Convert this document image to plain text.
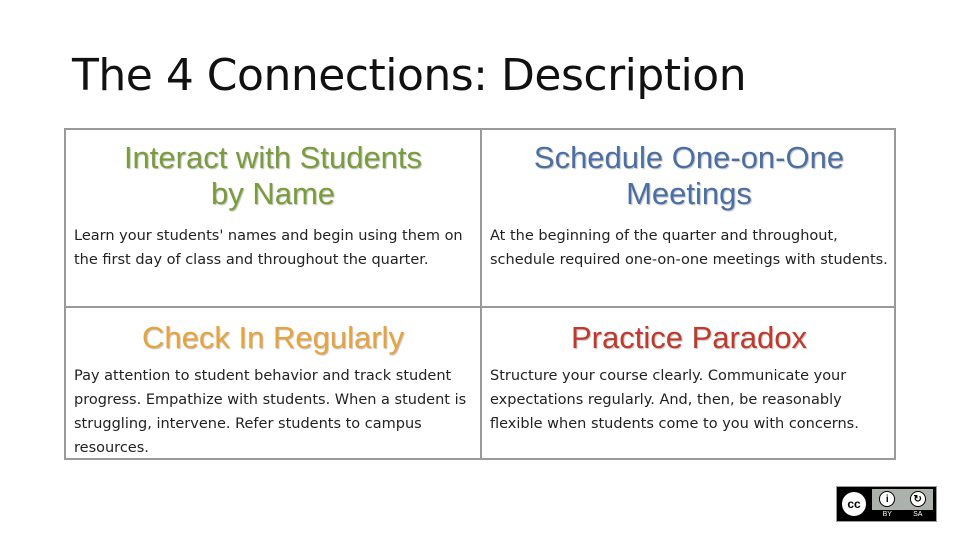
The 4 Connections: Description
Interact with Students
by Name
Learn your students' names and begin using them on the first day of class and throughout the quarter.
Schedule One-on-One
Meetings
At the beginning of the quarter and throughout, schedule required one-on-one meetings with students.
Check In Regularly
Pay attention to student behavior and track student progress. Empathize with students. When a student is struggling, intervene. Refer students to campus resources.
Practice Paradox
Structure your course clearly. Communicate your expectations regularly. And, then, be reasonably flexible when students come to you with concerns.
cc	i	↻
BY	SA
